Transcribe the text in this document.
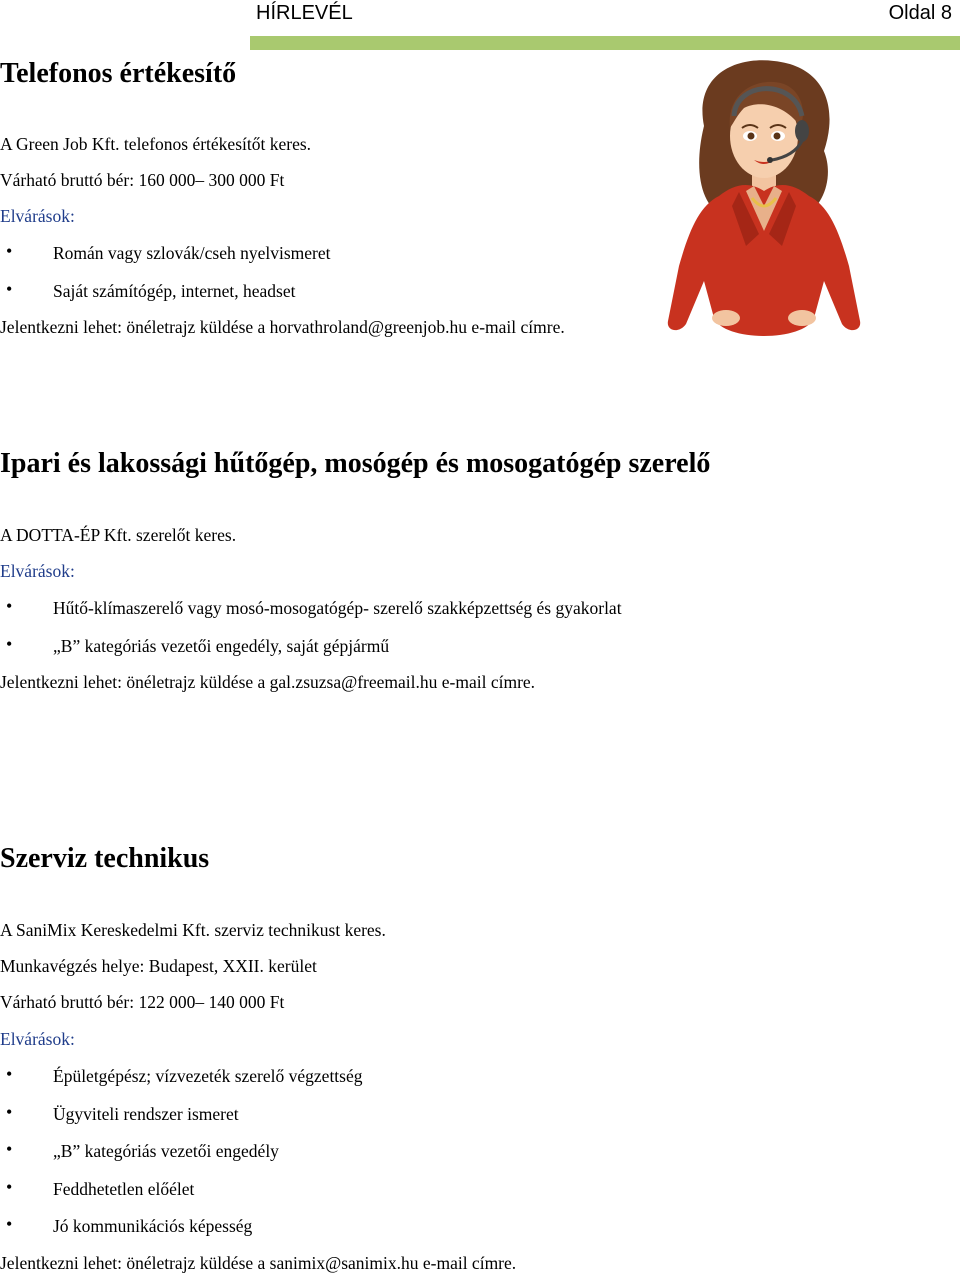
HÍRLEVÉL	Oldal 8
Telefonos értékesítő
A Green Job Kft. telefonos értékesítőt keres.
Várható bruttó bér: 160 000– 300 000 Ft
Elvárások:
• Román vagy szlovák/cseh nyelvismeret
• Saját számítógép, internet, headset
Jelentkezni lehet: önéletrajz küldése a horvathroland@greenjob.hu e-mail címre.
Ipari és lakossági hűtőgép, mosógép és mosogatógép szerelő
A DOTTA-ÉP Kft. szerelőt keres.
Elvárások:
• Hűtő-klímaszerelő vagy mosó-mosogatógép- szerelő szakképzettség és gyakorlat
• „B” kategóriás vezetői engedély, saját gépjármű
Jelentkezni lehet: önéletrajz küldése a gal.zsuzsa@freemail.hu e-mail címre.
Szerviz technikus
A SaniMix Kereskedelmi Kft. szerviz technikust keres.
Munkavégzés helye: Budapest, XXII. kerület
Várható bruttó bér: 122 000– 140 000 Ft
Elvárások:
• Épületgépész; vízvezeték szerelő végzettség
• Ügyviteli rendszer ismeret
• „B” kategóriás vezetői engedély
• Feddhetetlen előélet
• Jó kommunikációs képesség
Jelentkezni lehet: önéletrajz küldése a sanimix@sanimix.hu e-mail címre.
